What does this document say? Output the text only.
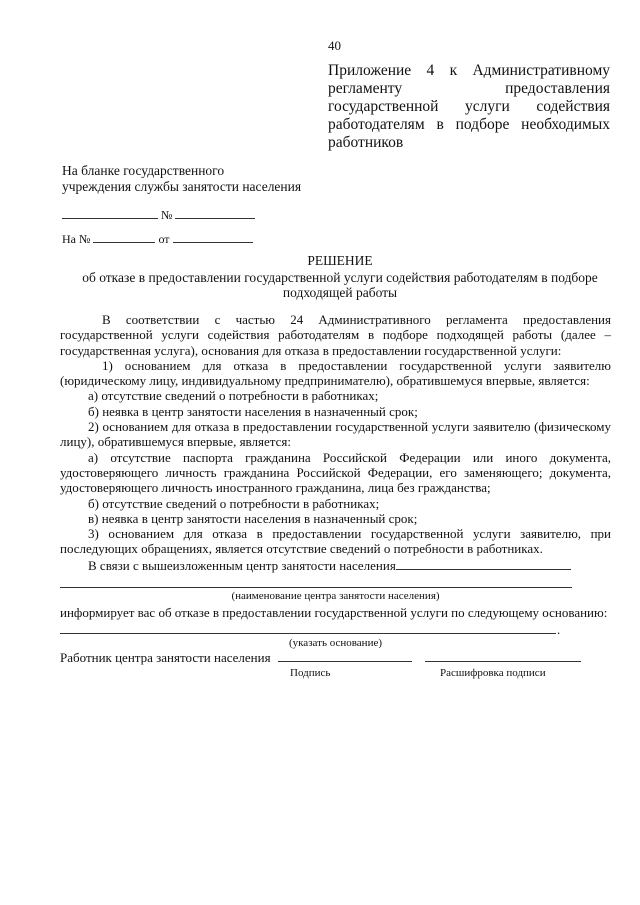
40
Приложение 4 к Административному регламенту предоставления государственной услуги содействия работодателям в подборе необходимых работников
На бланке государственного
учреждения службы занятости населения
№
На №	от
РЕШЕНИЕ
об отказе в предоставлении государственной услуги содействия работодателям в подборе подходящей работы

В соответствии с частью 24 Административного регламента предоставления государственной услуги содействия работодателям в подборе подходящей работы (далее – государственная услуга), основания для отказа в предоставлении государственной услуги:

1) основанием для отказа в предоставлении государственной услуги заявителю (юридическому лицу, индивидуальному предпринимателю), обратившемуся впервые, является:

а) отсутствие сведений о потребности в работниках;

б) неявка в центр занятости населения в назначенный срок;

2) основанием для отказа в предоставлении государственной услуги заявителю (физическому лицу), обратившемуся впервые, является:

а) отсутствие паспорта гражданина Российской Федерации или иного документа, удостоверяющего личность гражданина Российской Федерации, его заменяющего; документа, удостоверяющего личность иностранного гражданина, лица без гражданства;

б) отсутствие сведений о потребности в работниках;

в) неявка в центр занятости населения в назначенный срок;

3) основанием для отказа в предоставлении государственной услуги заявителю, при последующих обращениях, является отсутствие сведений о потребности в работниках.

В связи с вышеизложенным центр занятости населения

(наименование центра занятости населения)

информирует вас об отказе в предоставлении государственной услуги по следующему основанию:

.
(указать основание)
Работник центра занятости населения
Подпись	Расшифровка подписи
